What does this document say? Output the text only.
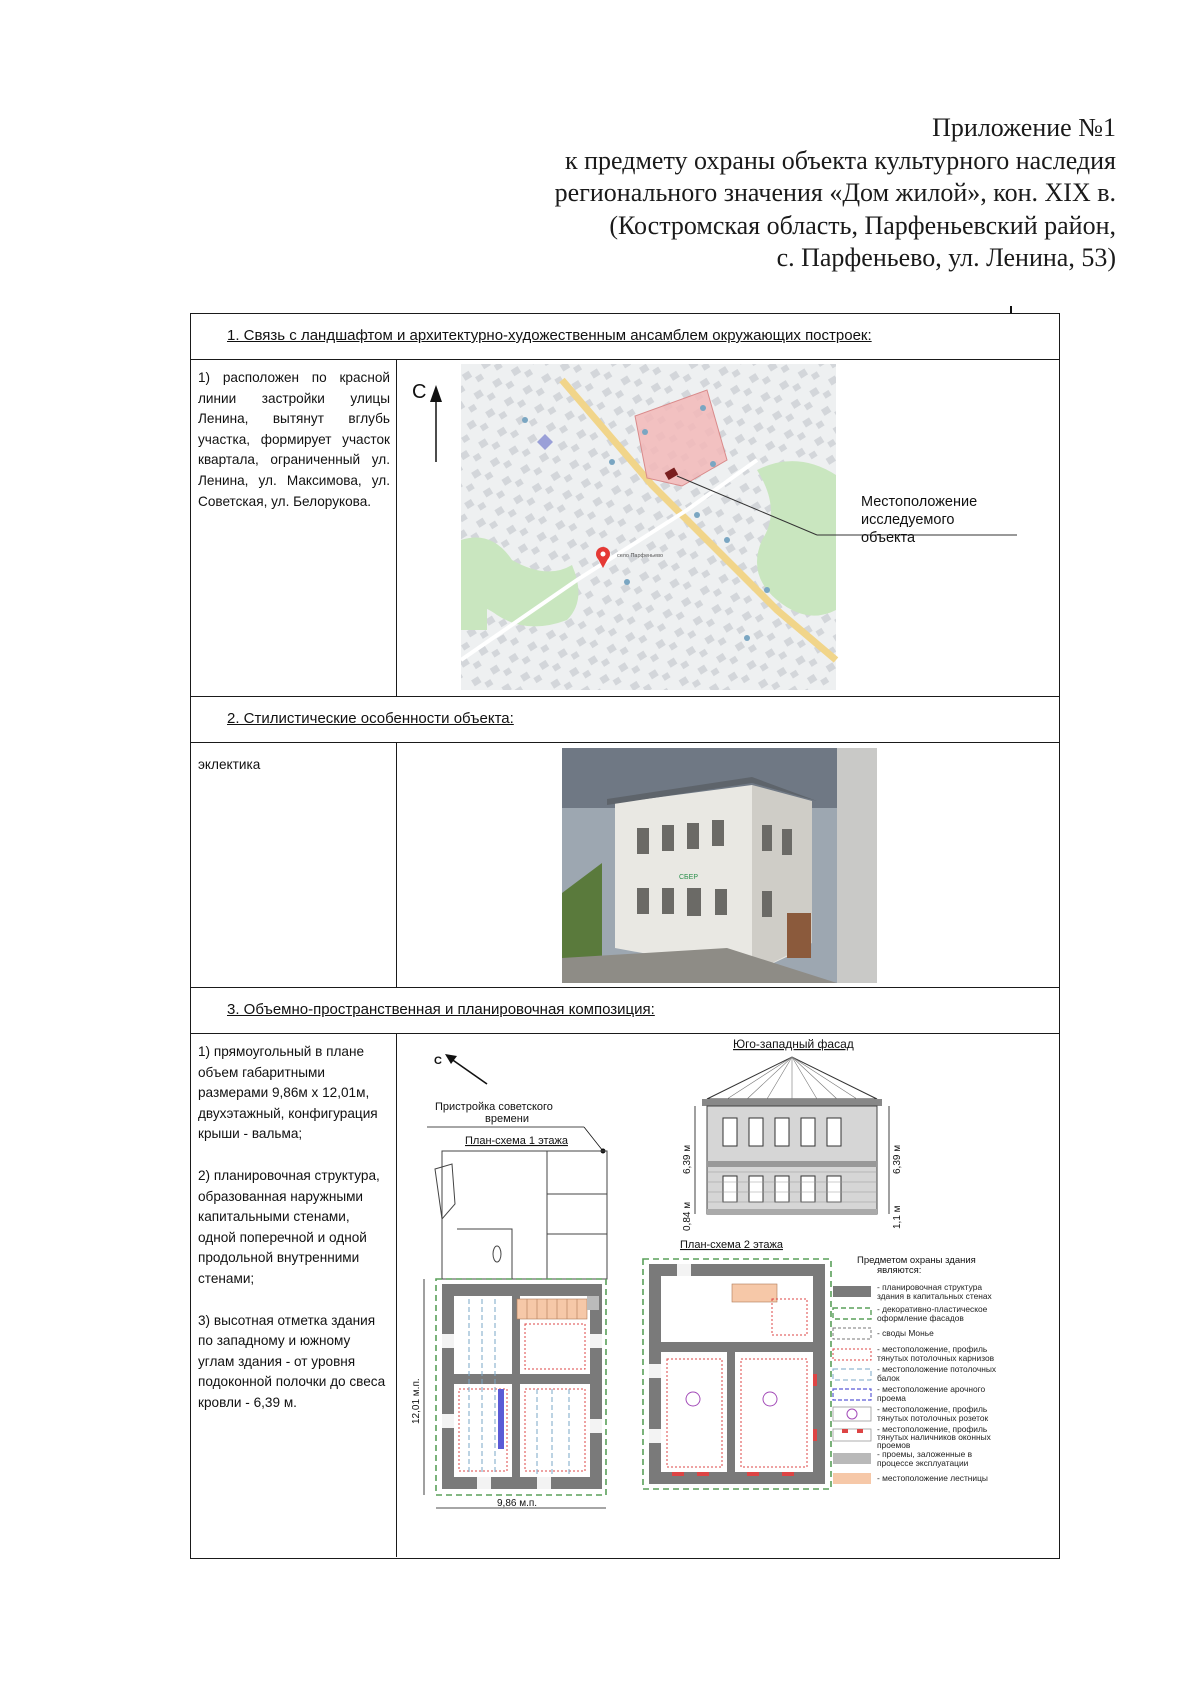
Приложение №1
к предмету охраны объекта культурного наследия
регионального значения «Дом жилой», кон. XIX в.
(Костромская область, Парфеньевский район,
с. Парфеньево, ул. Ленина, 53)
1. Связь с ландшафтом и архитектурно-художественным ансамблем окружающих построек:

1) расположен по красной линии застройки улицы Ленина, вытянут вглубь участка, формирует участок квартала, ограниченный ул. Ленина, ул. Максимова, ул. Советская, ул. Белорукова.

село Парфеньево
С
Местоположение
исследуемого
объекта
2. Стилистические особенности объекта:

эклектика

СБЕР
3. Объемно-пространственная и планировочная композиция:

1) прямоугольный в плане объем габаритными размерами 9,86м х 12,01м, двухэтажный, конфигурация крыши - вальма;

2) планировочная структура, образованная наружными капитальными стенами, одной поперечной и одной продольной внутренними стенами;

3) высотная отметка здания по западному и южному углам здания - от уровня подоконной полочки до свеса кровли - 6,39 м.

С
Пристройка советского
времени
План-схема 1 этажа
12,01 м.п.
9,86 м.п.
Юго-западный фасад
6,39 м
0,84 м
6,39 м
1,1 м
План-схема 2 этажа
Предметом охраны здания
являются:
- планировочная структура
здания в капитальных стенах
- декоративно-пластическое
оформление фасадов
- своды Монье
- местоположение, профиль
тянутых потолочных карнизов
- местоположение потолочных
балок
- местоположение арочного
проема
- местоположение, профиль
тянутых потолочных розеток
- местоположение, профиль
тянутых наличников оконных
проемов
- проемы, заложенные в
процессе эксплуатации
- местоположение лестницы
